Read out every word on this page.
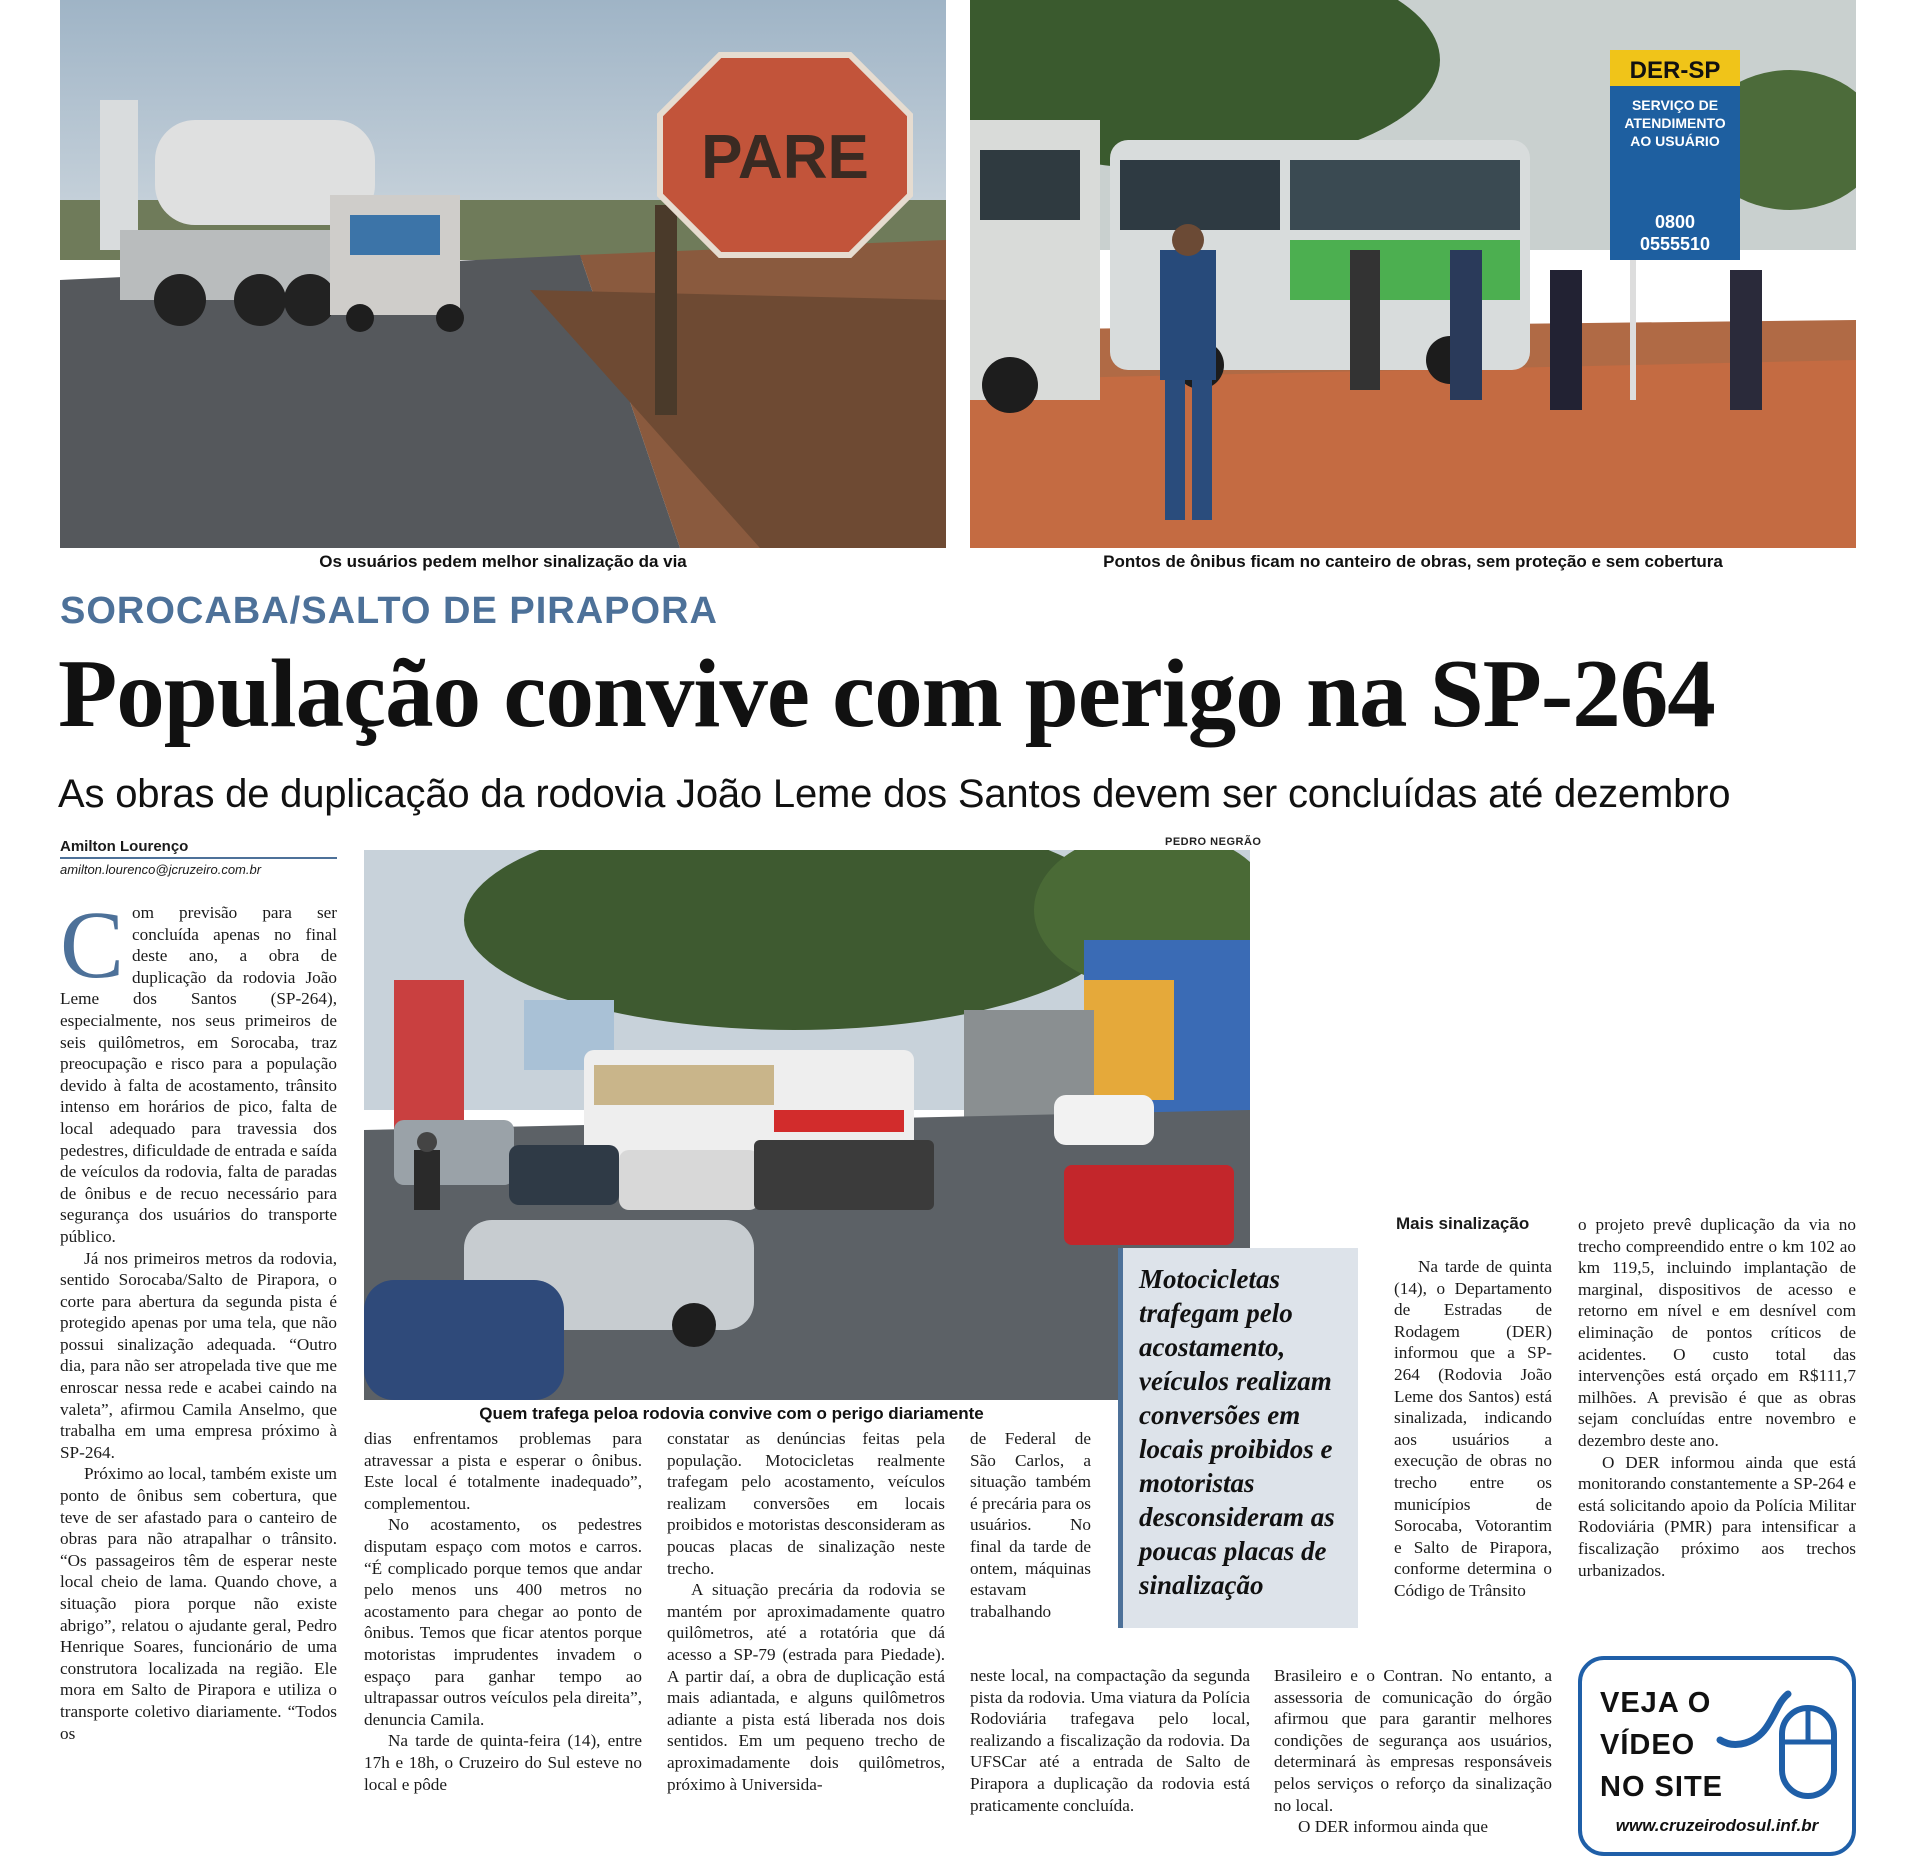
PARE
Os usuários pedem melhor sinalização da via
DER-SP
SERVIÇO DE
ATENDIMENTO
AO USUÁRIO
0800
0555510
Pontos de ônibus ficam no canteiro de obras, sem proteção e sem cobertura
SOROCABA/SALTO DE PIRAPORA
População convive com perigo na SP-264
As obras de duplicação da rodovia João Leme dos Santos devem ser concluídas até dezembro
Amilton Lourenço
amilton.lourenco@jcruzeiro.com.br
PEDRO NEGRÃO
Quem trafega peloa rodovia convive com o perigo diariamente
C om previsão para ser concluída apenas no final deste ano, a obra de duplicação da rodovia João Leme dos Santos (SP-264), especialmente, nos seus primeiros de seis quilômetros, em Sorocaba, traz preocupação e risco para a população devido à falta de acostamento, trânsito intenso em horários de pico, falta de local adequado para travessia dos pedestres, dificuldade de entrada e saída de veículos da rodovia, falta de paradas de ônibus e de recuo necessário para segurança dos usuários do transporte público.

Já nos primeiros metros da rodovia, sentido Sorocaba/Salto de Pirapora, o corte para abertura da segunda pista é protegido apenas por uma tela, que não possui sinalização adequada. “Outro dia, para não ser atropelada tive que me enroscar nessa rede e acabei caindo na valeta”, afirmou Camila Anselmo, que trabalha em uma empresa próximo à SP-264.

Próximo ao local, também existe um ponto de ônibus sem cobertura, que teve de ser afastado para o canteiro de obras para não atrapalhar o trânsito. “Os passageiros têm de esperar neste local cheio de lama. Quando chove, a situação piora porque não existe abrigo”, relatou o ajudante geral, Pedro Henrique Soares, funcionário de uma construtora localizada na região. Ele mora em Salto de Pirapora e utiliza o transporte coletivo diariamente. “Todos os

dias enfrentamos problemas para atravessar a pista e esperar o ônibus. Este local é totalmente inadequado”, complementou.

No acostamento, os pedestres disputam espaço com motos e carros. “É complicado porque temos que andar pelo menos uns 400 metros no acostamento para chegar ao ponto de ônibus. Temos que ficar atentos porque motoristas imprudentes invadem o espaço para ganhar tempo ao ultrapassar outros veículos pela direita”, denuncia Camila.

Na tarde de quinta-feira (14), entre 17h e 18h, o Cruzeiro do Sul esteve no local e pôde

constatar as denúncias feitas pela população. Motocicletas realmente trafegam pelo acostamento, veículos realizam conversões em locais proibidos e motoristas desconsideram as poucas placas de sinalização neste trecho.

A situação precária da rodovia se mantém por aproximadamente quatro quilômetros, até a rotatória que dá acesso a SP-79 (estrada para Piedade). A partir daí, a obra de duplicação está mais adiantada, e alguns quilômetros adiante a pista está liberada nos dois sentidos. Em um pequeno trecho de aproximadamente dois quilômetros, próximo à Universida-

de Federal de São Carlos, a situação também é precária para os usuários. No final da tarde de ontem, máquinas estavam trabalhando

neste local, na compactação da segunda pista da rodovia. Uma viatura da Polícia Rodoviária trafegava pelo local, realizando a fiscalização da rodovia. Da UFSCar até a entrada de Salto de Pirapora a duplicação da rodovia está praticamente concluída.

Motocicletas trafegam pelo acostamento, veículos realizam conversões em locais proibidos e motoristas desconsideram as poucas placas de sinalização
Mais sinalização

Na tarde de quinta (14), o Departamento de Estradas de Rodagem (DER) informou que a SP-264 (Rodovia João Leme dos Santos) está sinalizada, indicando aos usuários a execução de obras no trecho entre os municípios de Sorocaba, Votorantim e Salto de Pirapora, conforme determina o Código de Trânsito

Brasileiro e o Contran. No entanto, a assessoria de comunicação do órgão afirmou que para garantir melhores condições de segurança aos usuários, determinará às empresas responsáveis pelos serviços o reforço da sinalização no local.

O DER informou ainda que

o projeto prevê duplicação da via no trecho compreendido entre o km 102 ao km 119,5, incluindo implantação de marginal, dispositivos de acesso e retorno em nível e em desnível com eliminação de pontos críticos de acidentes. O custo total das intervenções está orçado em R$111,7 milhões. A previsão é que as obras sejam concluídas entre novembro e dezembro deste ano.

O DER informou ainda que está monitorando constantemente a SP-264 e está solicitando apoio da Polícia Militar Rodoviária (PMR) para intensificar a fiscalização próximo aos trechos urbanizados.

VEJA O
VÍDEO
NO SITE
www.cruzeirodosul.inf.br
